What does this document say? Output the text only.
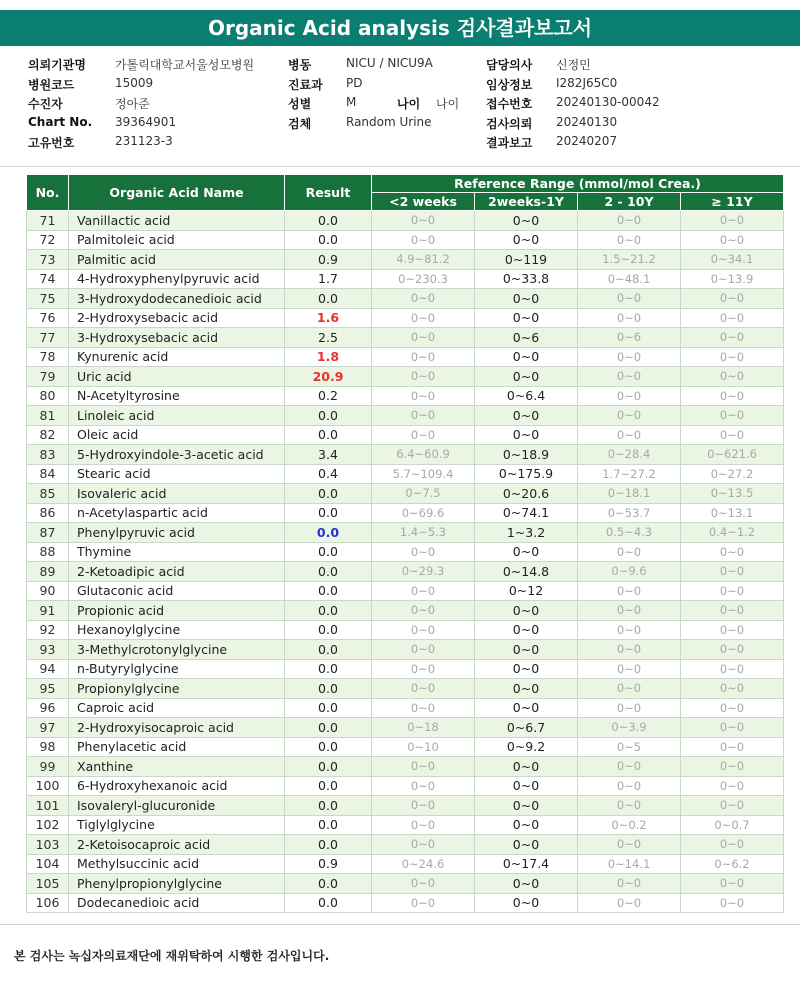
Organic Acid analysis 검사결과보고서
의뢰기관명 가톨릭대학교서울성모병원	병동	NICU / NICU9A	담당의사 신정민
병원코드	15009	진료과 PD	임상정보 I282J65C0
수진자	정아준	성별	M	나이 나이 접수번호 20240130-00042
Chart No. 39364901	검체	Random Urine	검사의뢰 20240130
고유번호	231123-3	결과보고 20240207
No.	Organic Acid Name	Result	Reference Range (mmol/mol Crea.)			
			<2 weeks	2weeks-1Y	2 - 10Y	≥ 11Y
71	Vanillactic acid	0.0	0~0	0~0	0~0	0~0
72	Palmitoleic acid	0.0	0~0	0~0	0~0	0~0
73	Palmitic acid	0.9	4.9~81.2	0~119	1.5~21.2	0~34.1
74	4-Hydroxyphenylpyruvic acid	1.7	0~230.3	0~33.8	0~48.1	0~13.9
75	3-Hydroxydodecanedioic acid	0.0	0~0	0~0	0~0	0~0
76	2-Hydroxysebacic acid	1.6	0~0	0~0	0~0	0~0
77	3-Hydroxysebacic acid	2.5	0~0	0~6	0~6	0~0
78	Kynurenic acid	1.8	0~0	0~0	0~0	0~0
79	Uric acid	20.9	0~0	0~0	0~0	0~0
80	N-Acetyltyrosine	0.2	0~0	0~6.4	0~0	0~0
81	Linoleic acid	0.0	0~0	0~0	0~0	0~0
82	Oleic acid	0.0	0~0	0~0	0~0	0~0
83	5-Hydroxyindole-3-acetic acid	3.4	6.4~60.9	0~18.9	0~28.4	0~621.6
84	Stearic acid	0.4	5.7~109.4	0~175.9	1.7~27.2	0~27.2
85	Isovaleric acid	0.0	0~7.5	0~20.6	0~18.1	0~13.5
86	n-Acetylaspartic acid	0.0	0~69.6	0~74.1	0~53.7	0~13.1
87	Phenylpyruvic acid	0.0	1.4~5.3	1~3.2	0.5~4.3	0.4~1.2
88	Thymine	0.0	0~0	0~0	0~0	0~0
89	2-Ketoadipic acid	0.0	0~29.3	0~14.8	0~9.6	0~0
90	Glutaconic acid	0.0	0~0	0~12	0~0	0~0
91	Propionic acid	0.0	0~0	0~0	0~0	0~0
92	Hexanoylglycine	0.0	0~0	0~0	0~0	0~0
93	3-Methylcrotonylglycine	0.0	0~0	0~0	0~0	0~0
94	n-Butyrylglycine	0.0	0~0	0~0	0~0	0~0
95	Propionylglycine	0.0	0~0	0~0	0~0	0~0
96	Caproic acid	0.0	0~0	0~0	0~0	0~0
97	2-Hydroxyisocaproic acid	0.0	0~18	0~6.7	0~3.9	0~0
98	Phenylacetic acid	0.0	0~10	0~9.2	0~5	0~0
99	Xanthine	0.0	0~0	0~0	0~0	0~0
100	6-Hydroxyhexanoic acid	0.0	0~0	0~0	0~0	0~0
101	Isovaleryl-glucuronide	0.0	0~0	0~0	0~0	0~0
102	Tiglylglycine	0.0	0~0	0~0	0~0.2	0~0.7
103	2-Ketoisocaproic acid	0.0	0~0	0~0	0~0	0~0
104	Methylsuccinic acid	0.9	0~24.6	0~17.4	0~14.1	0~6.2
105	Phenylpropionylglycine	0.0	0~0	0~0	0~0	0~0
106	Dodecanedioic acid	0.0	0~0	0~0	0~0	0~0
본 검사는 녹십자의료재단에 재위탁하여 시행한 검사입니다.
